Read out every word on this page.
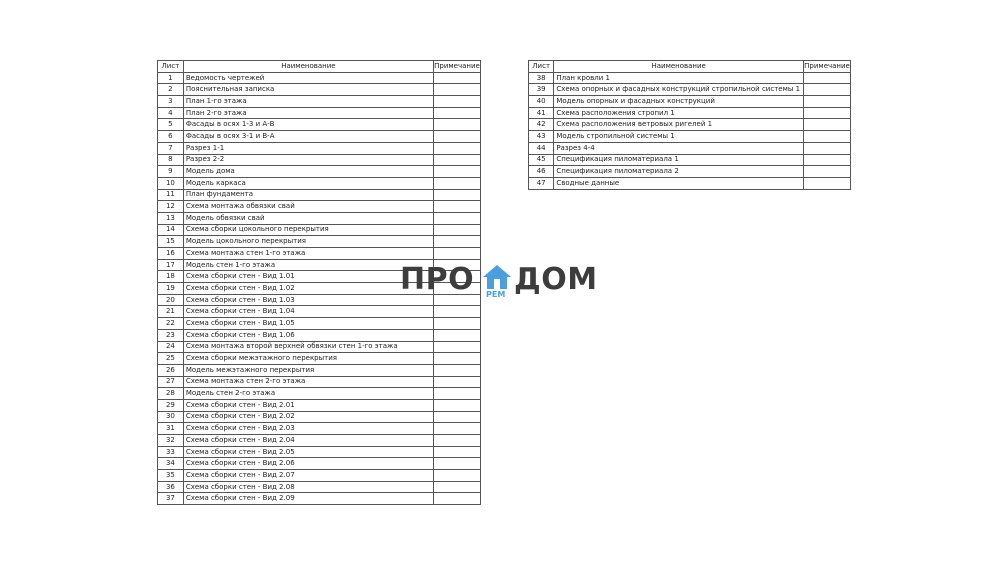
Лист	Наименование	Примечание
1	Ведомость чертежей	
2	Пояснительная записка	
3	План 1-го этажа	
4	План 2-го этажа	
5	Фасады в осях 1-3 и А-В	
6	Фасады в осях 3-1 и В-А	
7	Разрез 1-1	
8	Разрез 2-2	
9	Модель дома	
10	Модель каркаса	
11	План фундамента	
12	Схема монтажа обвязки свай	
13	Модель обвязки свай	
14	Схема сборки цокольного перекрытия	
15	Модель цокольного перекрытия	
16	Схема монтажа стен 1-го этажа	
17	Модель стен 1-го этажа	
18	Схема сборки стен - Вид 1.01	
19	Схема сборки стен - Вид 1.02	
20	Схема сборки стен - Вид 1.03	
21	Схема сборки стен - Вид 1.04	
22	Схема сборки стен - Вид 1.05	
23	Схема сборки стен - Вид 1.06	
24	Схема монтажа второй верхней обвязки стен 1-го этажа	
25	Схема сборки межэтажного перекрытия	
26	Модель межэтажного перекрытия	
27	Схема монтажа стен 2-го этажа	
28	Модель стен 2-го этажа	
29	Схема сборки стен - Вид 2.01	
30	Схема сборки стен - Вид 2.02	
31	Схема сборки стен - Вид 2.03	
32	Схема сборки стен - Вид 2.04	
33	Схема сборки стен - Вид 2.05	
34	Схема сборки стен - Вид 2.06	
35	Схема сборки стен - Вид 2.07	
36	Схема сборки стен - Вид 2.08	
37	Схема сборки стен - Вид 2.09	
Лист	Наименование	Примечание
38	План кровли 1	
39	Схема опорных и фасадных конструкций стропильной системы 1	
40	Модель опорных и фасадных конструкций	
41	Схема расположения стропил 1	
42	Схема расположения ветровых ригелей 1	
43	Модель стропильной системы 1	
44	Разрез 4-4	
45	Спецификация пиломатериала 1	
46	Спецификация пиломатериала 2	
47	Сводные данные	
ПРО РЕМ ДОМ
